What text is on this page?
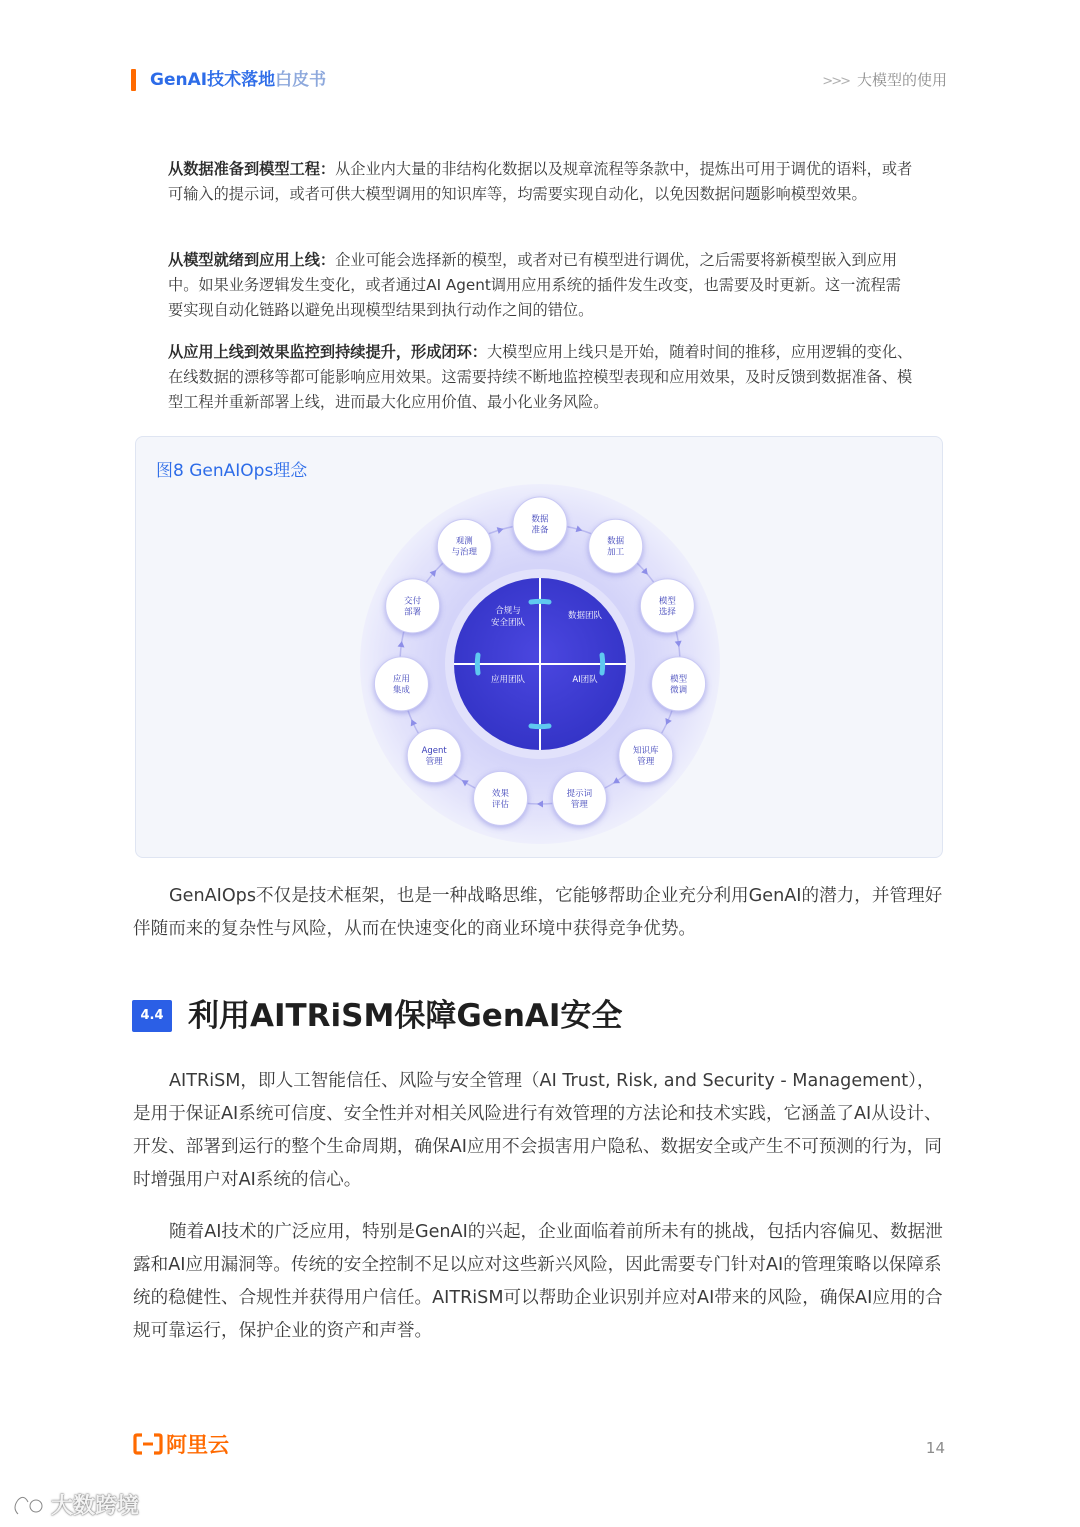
GenAI技术落地白皮书	>>> 大模型的使用

从数据准备到模型工程：从企业内大量的非结构化数据以及规章流程等条款中，提炼出可用于调优的语料，或者可输入的提示词，或者可供大模型调用的知识库等，均需要实现自动化，以免因数据问题影响模型效果。

从模型就绪到应用上线：企业可能会选择新的模型，或者对已有模型进行调优，之后需要将新模型嵌入到应用中。如果业务逻辑发生变化，或者通过AI Agent调用应用系统的插件发生改变，也需要及时更新。这一流程需要实现自动化链路以避免出现模型结果到执行动作之间的错位。

从应用上线到效果监控到持续提升，形成闭环：大模型应用上线只是开始，随着时间的推移，应用逻辑的变化、在线数据的漂移等都可能影响应用效果。这需要持续不断地监控模型表现和应用效果，及时反馈到数据准备、模型工程并重新部署上线，进而最大化应用价值、最小化业务风险。

图8 GenAIOps理念
合规与
安全团队
数据团队
应用团队	AI团队
数据
准备
数据
加工
模型
选择
模型
微调
知识库
管理
提示词
管理
效果
评估
Agent
管理
应用
集成
交付
部署
观测
与治理

GenAIOps不仅是技术框架，也是一种战略思维，它能够帮助企业充分利用GenAI的潜力，并管理好伴随而来的复杂性与风险，从而在快速变化的商业环境中获得竞争优势。

4.4 利用AITRiSM保障GenAI安全

AITRiSM，即人工智能信任、风险与安全管理（AI Trust, Risk, and Security - Management），是用于保证AI系统可信度、安全性并对相关风险进行有效管理的方法论和技术实践，它涵盖了AI从设计、开发、部署到运行的整个生命周期，确保AI应用不会损害用户隐私、数据安全或产生不可预测的行为，同时增强用户对AI系统的信心。

随着AI技术的广泛应用，特别是GenAI的兴起，企业面临着前所未有的挑战，包括内容偏见、数据泄露和AI应用漏洞等。传统的安全控制不足以应对这些新兴风险，因此需要专门针对AI的管理策略以保障系统的稳健性、合规性并获得用户信任。AITRiSM可以帮助企业识别并应对AI带来的风险，确保AI应用的合规可靠运行，保护企业的资产和声誉。

阿里云	14
大数跨境
